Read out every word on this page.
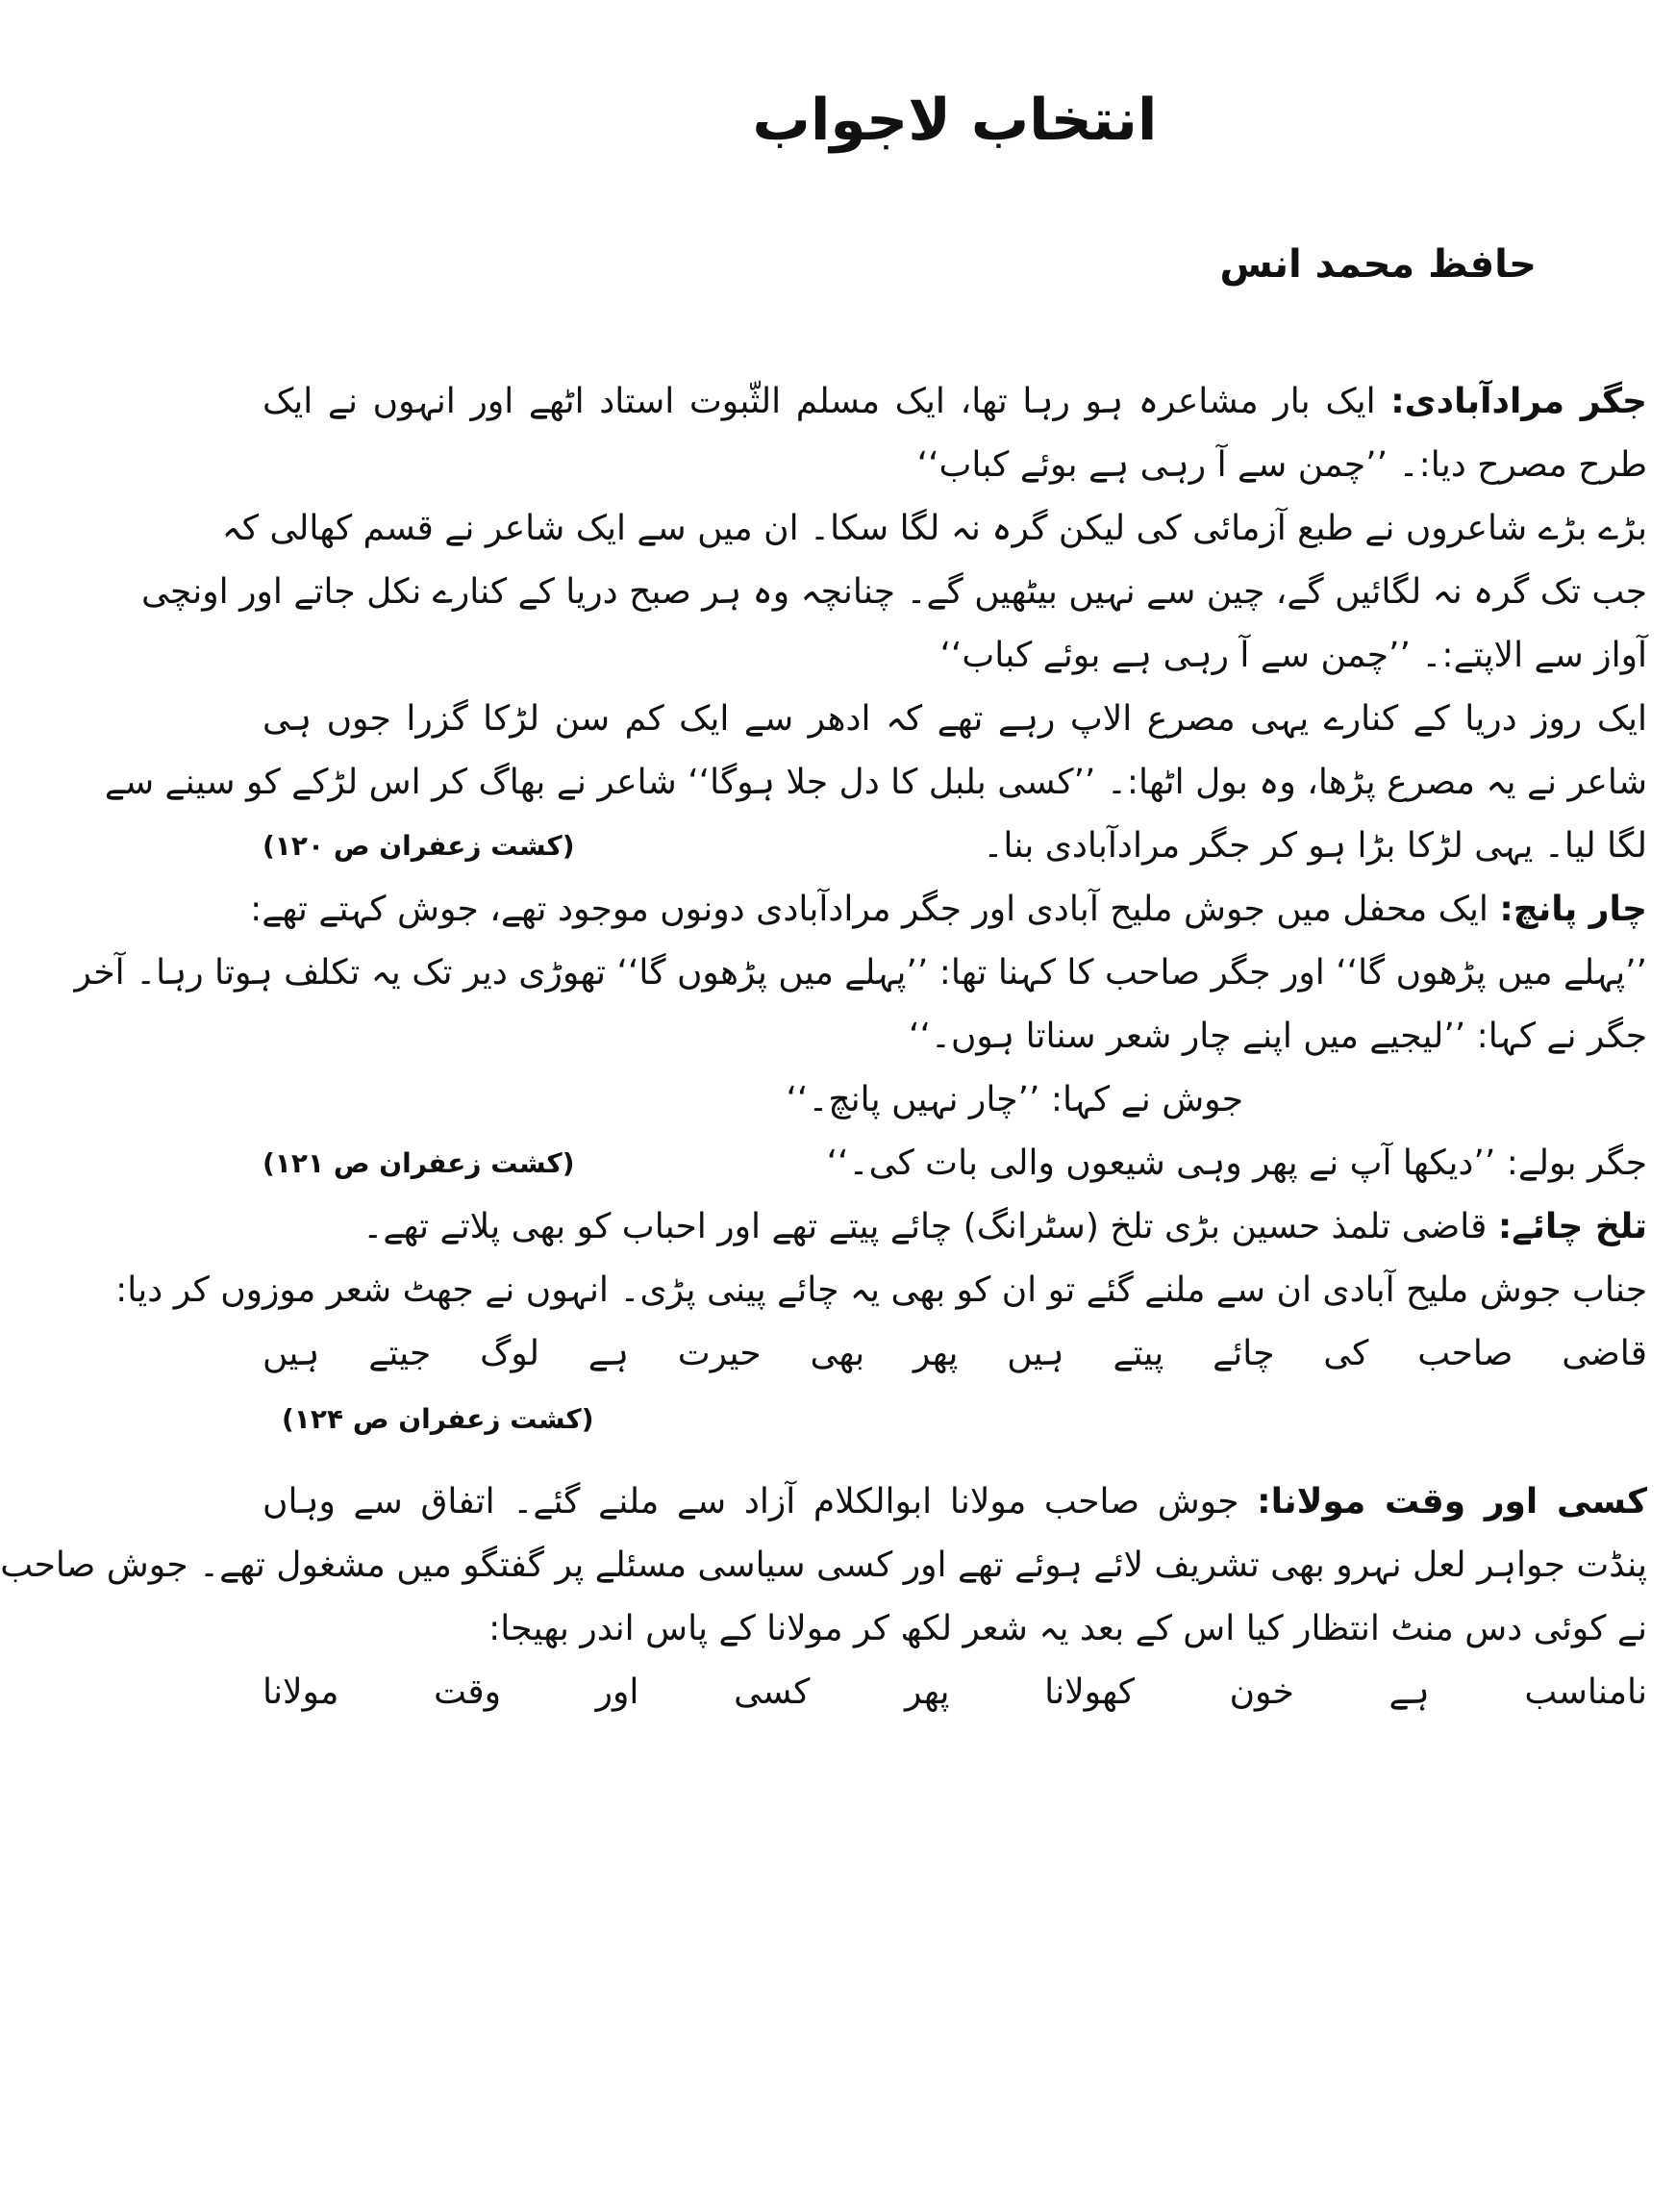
انتخاب لاجواب
حافظ محمد انس
جگر مرادآبادی: ایک بار مشاعرہ ہو رہا تھا، ایک مسلم الثّبوت استاد اٹھے اور انہوں نے ایک
طرح مصرح دیا:۔ ’’چمن سے آ رہی ہے بوئے کباب‘‘
بڑے بڑے شاعروں نے طبع آزمائی کی لیکن گرہ نہ لگا سکا۔ ان میں سے ایک شاعر نے قسم کھالی کہ
جب تک گرہ نہ لگائیں گے، چین سے نہیں بیٹھیں گے۔ چنانچہ وہ ہر صبح دریا کے کنارے نکل جاتے اور اونچی
آواز سے الاپتے:۔ ’’چمن سے آ رہی ہے بوئے کباب‘‘
ایک روز دریا کے کنارے یہی مصرع الاپ رہے تھے کہ ادھر سے ایک کم سن لڑکا گزرا جوں ہی
شاعر نے یہ مصرع پڑھا، وہ بول اٹھا:۔ ’’کسی بلبل کا دل جلا ہوگا‘‘ شاعر نے بھاگ کر اس لڑکے کو سینے سے
لگا لیا۔ یہی لڑکا بڑا ہو کر جگر مرادآبادی بنا۔
(کشت زعفران ص ۱۲۰)
چار پانچ: ایک محفل میں جوش ملیح آبادی اور جگر مرادآبادی دونوں موجود تھے، جوش کہتے تھے:
’’پہلے میں پڑھوں گا‘‘ اور جگر صاحب کا کہنا تھا: ’’پہلے میں پڑھوں گا‘‘ تھوڑی دیر تک یہ تکلف ہوتا رہا۔ آخر
جگر نے کہا: ’’لیجیے میں اپنے چار شعر سناتا ہوں۔‘‘
جوش نے کہا: ’’چار نہیں پانچ۔‘‘
جگر بولے: ’’دیکھا آپ نے پھر وہی شیعوں والی بات کی۔‘‘
(کشت زعفران ص ۱۲۱)
تلخ چائے: قاضی تلمذ حسین بڑی تلخ (سٹرانگ) چائے پیتے تھے اور احباب کو بھی پلاتے تھے۔
جناب جوش ملیح آبادی ان سے ملنے گئے تو ان کو بھی یہ چائے پینی پڑی۔ انہوں نے جھٹ شعر موزوں کر دیا:
قاضی
صاحب
کی
چائے
پیتے
ہیں
پھر
بھی
حیرت
ہے
لوگ
جیتے
ہیں
(کشت زعفران ص ۱۲۴)
کسی اور وقت مولانا: جوش صاحب مولانا ابوالکلام آزاد سے ملنے گئے۔ اتفاق سے وہاں
پنڈت جواہر لعل نہرو بھی تشریف لائے ہوئے تھے اور کسی سیاسی مسئلے پر گفتگو میں مشغول تھے۔ جوش صاحب
نے کوئی دس منٹ انتظار کیا اس کے بعد یہ شعر لکھ کر مولانا کے پاس اندر بھیجا:
نامناسب
ہے
خون
کھولانا
پھر
کسی
اور
وقت
مولانا
